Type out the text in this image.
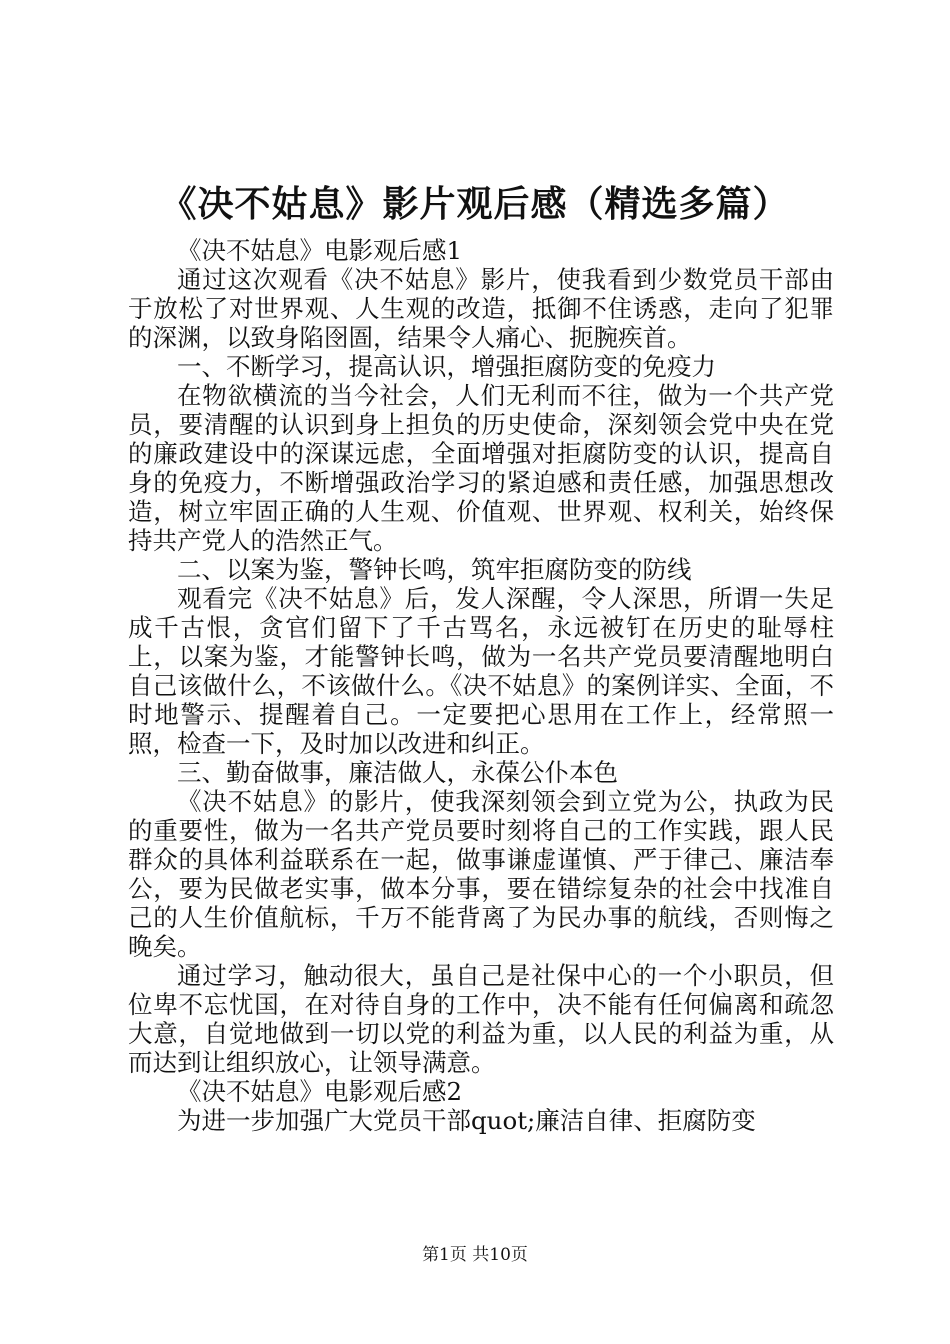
《决不姑息》影片观后感（精选多篇）

《决不姑息》电影观后感1

通过这次观看《决不姑息》影片，使我看到少数党员干部由于放松了对世界观、人生观的改造，抵御不住诱惑，走向了犯罪的深渊，以致身陷囹圄，结果令人痛心、扼腕疾首。

一、不断学习，提高认识，增强拒腐防变的免疫力

在物欲横流的当今社会，人们无利而不往，做为一个共产党员，要清醒的认识到身上担负的历史使命，深刻领会党中央在党的廉政建设中的深谋远虑，全面增强对拒腐防变的认识，提高自身的免疫力，不断增强政治学习的紧迫感和责任感，加强思想改造，树立牢固正确的人生观、价值观、世界观、权利关，始终保持共产党人的浩然正气。

二、以案为鉴，警钟长鸣，筑牢拒腐防变的防线

观看完《决不姑息》后，发人深醒，令人深思，所谓一失足成千古恨，贪官们留下了千古骂名，永远被钉在历史的耻辱柱上，以案为鉴，才能警钟长鸣，做为一名共产党员要清醒地明白自己该做什么，不该做什么。《决不姑息》的案例详实、全面，不时地警示、提醒着自己。一定要把心思用在工作上，经常照一照，检查一下，及时加以改进和纠正。

三、勤奋做事，廉洁做人，永葆公仆本色

《决不姑息》的影片，使我深刻领会到立党为公，执政为民的重要性，做为一名共产党员要时刻将自己的工作实践，跟人民群众的具体利益联系在一起，做事谦虚谨慎、严于律己、廉洁奉公，要为民做老实事，做本分事，要在错综复杂的社会中找准自己的人生价值航标，千万不能背离了为民办事的航线，否则悔之晚矣。

通过学习，触动很大，虽自己是社保中心的一个小职员，但位卑不忘忧国，在对待自身的工作中，决不能有任何偏离和疏忽大意，自觉地做到一切以党的利益为重，以人民的利益为重，从而达到让组织放心，让领导满意。

《决不姑息》电影观后感2

为进一步加强广大党员干部quot;廉洁自律、拒腐防变

第1页 共10页
